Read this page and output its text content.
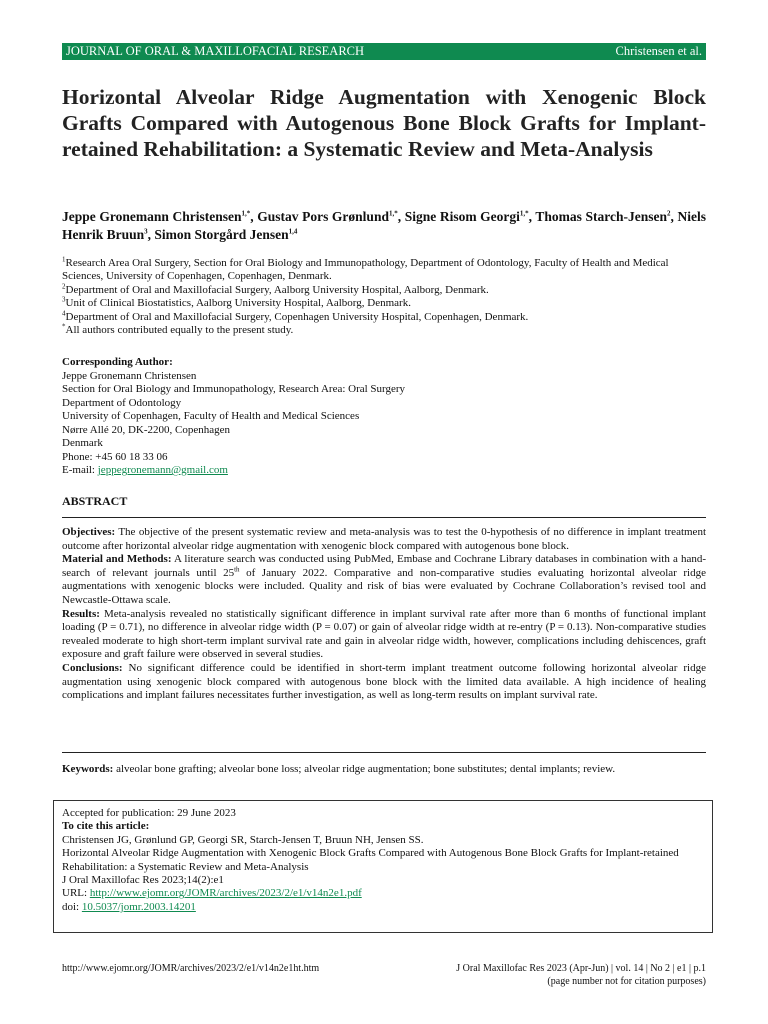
JOURNAL OF ORAL & MAXILLOFACIAL RESEARCH	Christensen et al.
Horizontal Alveolar Ridge Augmentation with Xenogenic Block Grafts Compared with Autogenous Bone Block Grafts for Implant-retained Rehabilitation: a Systematic Review and Meta-Analysis

Jeppe Gronemann Christensen$^{1,*}$, Gustav Pors Grønlund$^{1,*}$, Signe Risom Georgi$^{1,*}$, Thomas Starch-Jensen$^2$, Niels Henrik Bruun$^3$, Simon Storgård Jensen$^{1,4}$

$^1$Research Area Oral Surgery, Section for Oral Biology and Immunopathology, Department of Odontology, Faculty of Health and Medical Sciences, University of Copenhagen, Copenhagen, Denmark.
$^2$Department of Oral and Maxillofacial Surgery, Aalborg University Hospital, Aalborg, Denmark.
$^3$Unit of Clinical Biostatistics, Aalborg University Hospital, Aalborg, Denmark.
$^4$Department of Oral and Maxillofacial Surgery, Copenhagen University Hospital, Copenhagen, Denmark.
*All authors contributed equally to the present study.
Corresponding Author:
Jeppe Gronemann Christensen
Section for Oral Biology and Immunopathology, Research Area: Oral Surgery
Department of Odontology
University of Copenhagen, Faculty of Health and Medical Sciences
Nørre Allé 20, DK-2200, Copenhagen
Denmark
Phone: +45 60 18 33 06
E-mail: jeppegronemann@gmail.com
ABSTRACT

Objectives: The objective of the present systematic review and meta-analysis was to test the 0-hypothesis of no difference in implant treatment outcome after horizontal alveolar ridge augmentation with xenogenic block compared with autogenous bone block.

Material and Methods: A literature search was conducted using PubMed, Embase and Cochrane Library databases in combination with a hand-search of relevant journals until 25th of January 2022. Comparative and non-comparative studies evaluating horizontal alveolar ridge augmentations with xenogenic blocks were included. Quality and risk of bias were evaluated by Cochrane Collaboration’s revised tool and Newcastle-Ottawa scale.

Results: Meta-analysis revealed no statistically significant difference in implant survival rate after more than 6 months of functional implant loading (P = 0.71), no difference in alveolar ridge width (P = 0.07) or gain of alveolar ridge width at re-entry (P = 0.13). Non-comparative studies revealed moderate to high short-term implant survival rate and gain in alveolar ridge width, however, complications including dehiscences, graft exposure and graft failure were observed in several studies.

Conclusions: No significant difference could be identified in short-term implant treatment outcome following horizontal alveolar ridge augmentation using xenogenic block compared with autogenous bone block with the limited data available. A high incidence of healing complications and implant failures necessitates further investigation, as well as long-term results on implant survival rate.

Keywords: alveolar bone grafting; alveolar bone loss; alveolar ridge augmentation; bone substitutes; dental implants; review.

Accepted for publication: 29 June 2023
To cite this article:
Christensen JG, Grønlund GP, Georgi SR, Starch-Jensen T, Bruun NH, Jensen SS.
Horizontal Alveolar Ridge Augmentation with Xenogenic Block Grafts Compared with Autogenous Bone Block Grafts for Implant-retained Rehabilitation: a Systematic Review and Meta-Analysis
J Oral Maxillofac Res 2023;14(2):e1
URL: http://www.ejomr.org/JOMR/archives/2023/2/e1/v14n2e1.pdf
doi: 10.5037/jomr.2003.14201
http://www.ejomr.org/JOMR/archives/2023/2/e1/v14n2e1ht.htm	J Oral Maxillofac Res 2023 (Apr-Jun) | vol. 14 | No 2 | e1 | p.1
(page number not for citation purposes)
